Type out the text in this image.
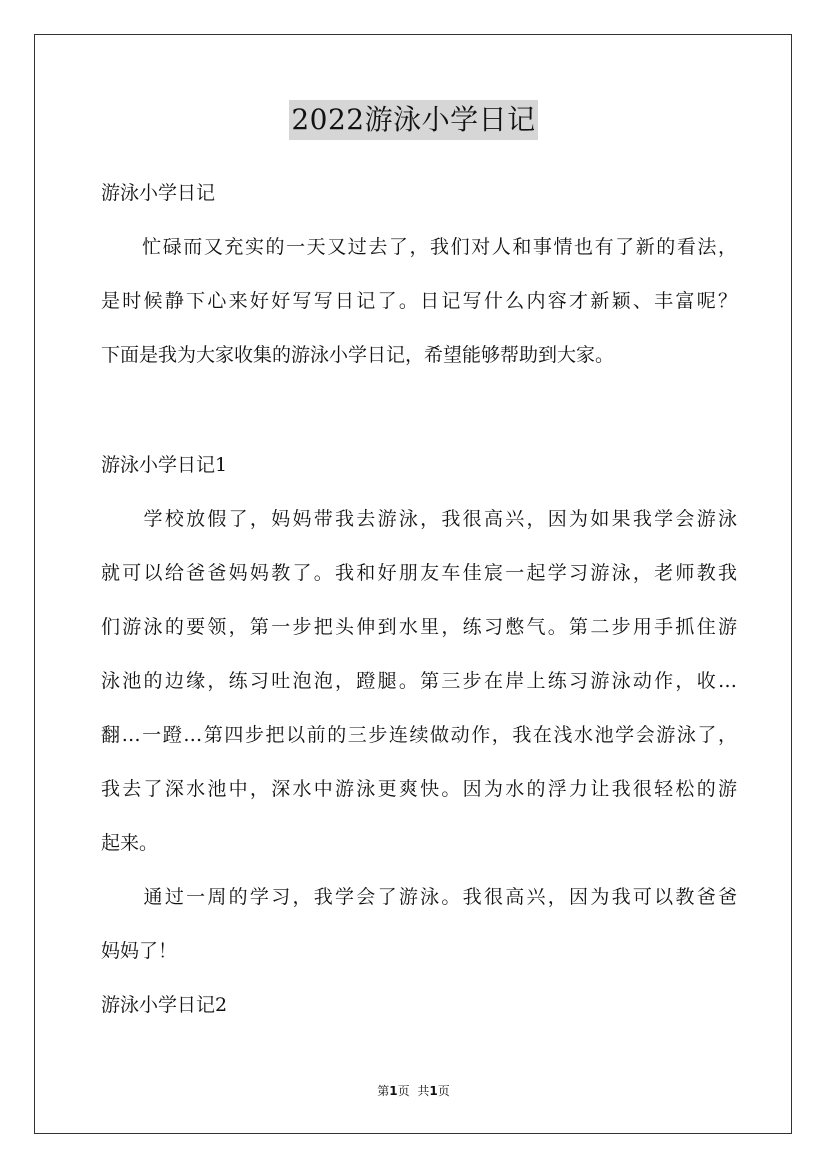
2022游泳小学日记
游泳小学日记
　　忙碌而又充实的一天又过去了，我们对人和事情也有了新的看法，
是时候静下心来好好写写日记了。日记写什么内容才新颖、丰富呢？
下面是我为大家收集的游泳小学日记，希望能够帮助到大家。
游泳小学日记1
　　学校放假了，妈妈带我去游泳，我很高兴，因为如果我学会游泳
就可以给爸爸妈妈教了。我和好朋友车佳宸一起学习游泳，老师教我
们游泳的要领，第一步把头伸到水里，练习憋气。第二步用手抓住游
泳池的边缘，练习吐泡泡，蹬腿。第三步在岸上练习游泳动作，收…
翻…一蹬…第四步把以前的三步连续做动作，我在浅水池学会游泳了，
我去了深水池中，深水中游泳更爽快。因为水的浮力让我很轻松的游
起来。
　　通过一周的学习，我学会了游泳。我很高兴，因为我可以教爸爸
妈妈了！
游泳小学日记2
第1页 共1页
